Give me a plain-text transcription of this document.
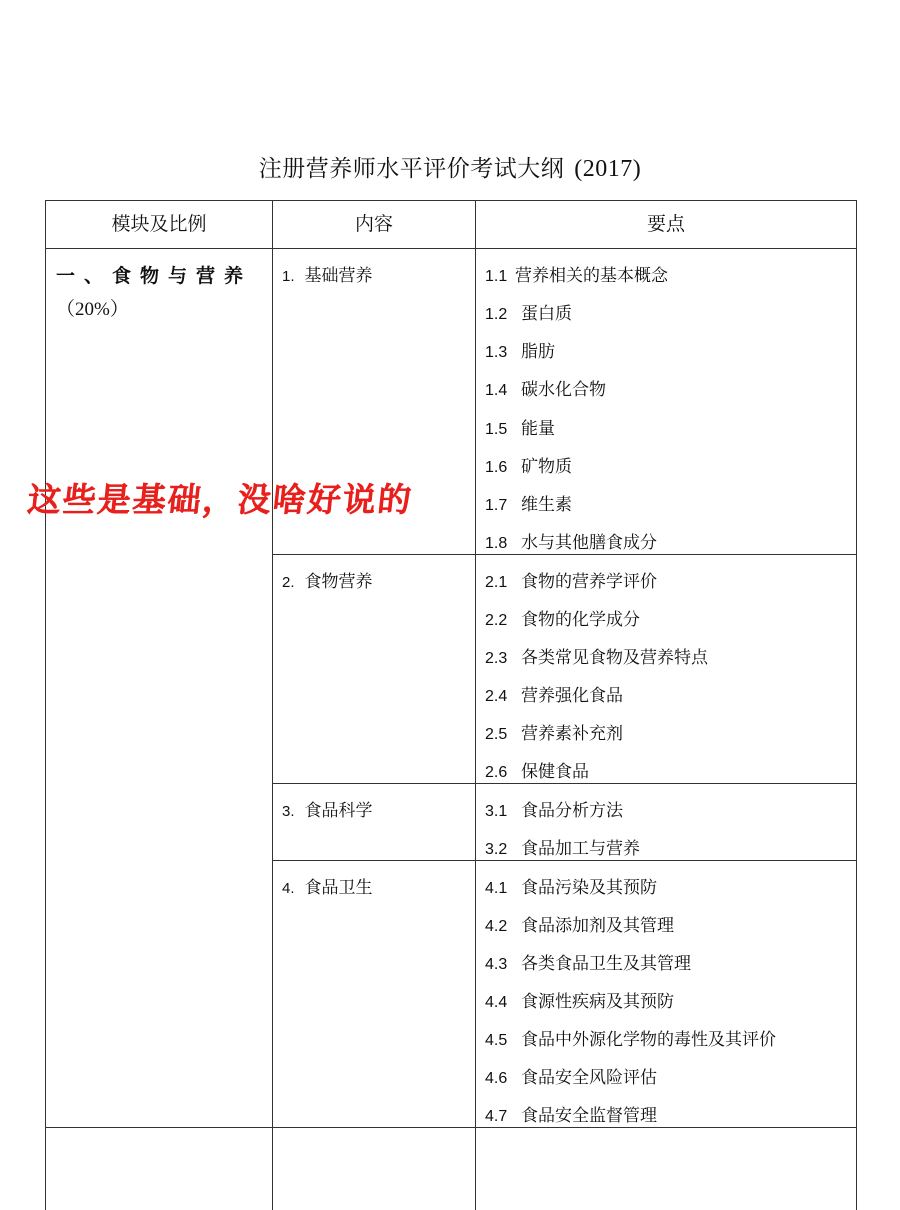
注册营养师水平评价考试大纲 (2017)
模块及比例	内容	要点
一、食物与营养
（20%）
1. 基础营养
2. 食物营养
3. 食品科学
4. 食品卫生
1.1 营养相关的基本概念
1.2 蛋白质
1.3 脂肪
1.4 碳水化合物
1.5 能量
1.6 矿物质
1.7 维生素
1.8 水与其他膳食成分
2.1 食物的营养学评价
2.2 食物的化学成分
2.3 各类常见食物及营养特点
2.4 营养强化食品
2.5 营养素补充剂
2.6 保健食品
3.1 食品分析方法
3.2 食品加工与营养
4.1 食品污染及其预防
4.2 食品添加剂及其管理
4.3 各类食品卫生及其管理
4.4 食源性疾病及其预防
4.5 食品中外源化学物的毒性及其评价
4.6 食品安全风险评估
4.7 食品安全监督管理
这些是基础，没啥好说的
